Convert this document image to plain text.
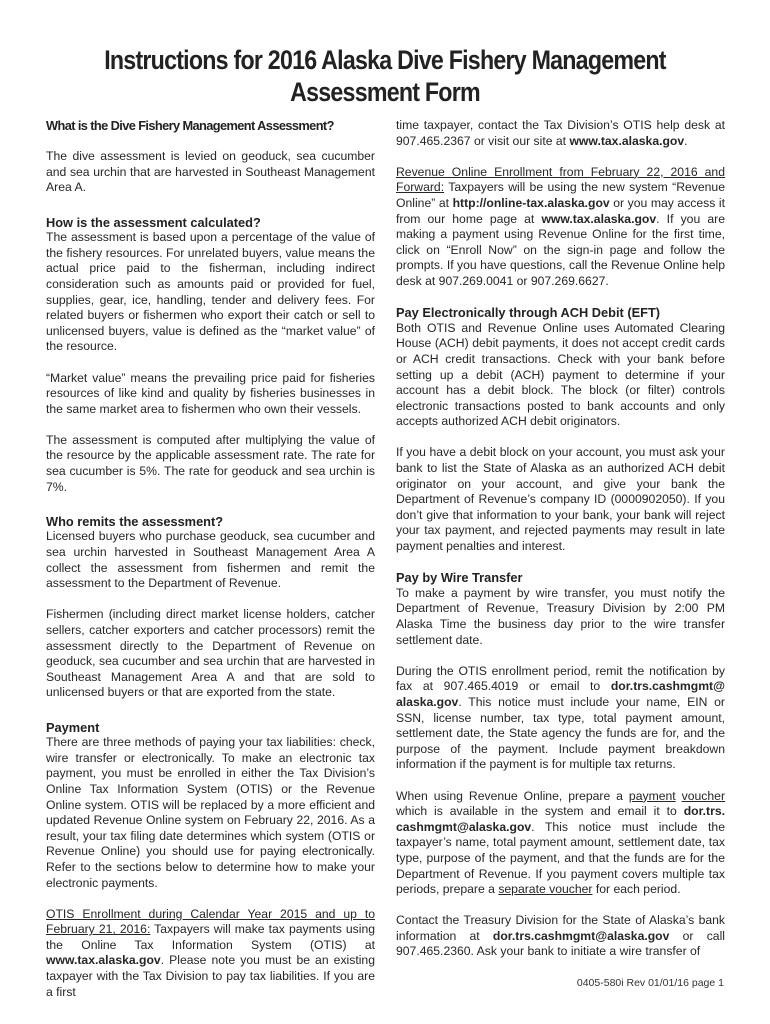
Instructions for 2016 Alaska Dive Fishery Management
Assessment Form
What is the Dive Fishery Management Assessment?

The dive assessment is levied on geoduck, sea cucumber and sea urchin that are harvested in Southeast Management Area A.

How is the assessment calculated?

The assessment is based upon a percentage of the value of the fishery resources. For unrelated buyers, value means the actual price paid to the fisherman, including indirect consideration such as amounts paid or provided for fuel, supplies, gear, ice, handling, tender and delivery fees. For related buyers or fishermen who export their catch or sell to unlicensed buyers, value is defined as the “market value” of the resource.

“Market value” means the prevailing price paid for fisheries resources of like kind and quality by fisheries businesses in the same market area to fishermen who own their vessels.

The assessment is computed after multiplying the value of the resource by the applicable assessment rate. The rate for sea cucumber is 5%. The rate for geoduck and sea urchin is 7%.

Who remits the assessment?

Licensed buyers who purchase geoduck, sea cucumber and sea urchin harvested in Southeast Management Area A collect the assessment from fishermen and remit the assessment to the Department of Revenue.

Fishermen (including direct market license holders, catcher sellers, catcher exporters and catcher processors) remit the assessment directly to the Department of Revenue on geoduck, sea cucumber and sea urchin that are harvested in Southeast Management Area A and that are sold to unlicensed buyers or that are exported from the state.

Payment

There are three methods of paying your tax liabilities: check, wire transfer or electronically. To make an electronic tax payment, you must be enrolled in either the Tax Division’s Online Tax Information System (OTIS) or the Revenue Online system. OTIS will be replaced by a more efficient and updated Revenue Online system on February 22, 2016. As a result, your tax filing date determines which system (OTIS or Revenue Online) you should use for paying electronically. Refer to the sections below to determine how to make your electronic payments.

OTIS Enrollment during Calendar Year 2015 and up to February 21, 2016: Taxpayers will make tax payments using the Online Tax Information System (OTIS) at www.tax.alaska.gov. Please note you must be an existing taxpayer with the Tax Division to pay tax liabilities. If you are a first

time taxpayer, contact the Tax Division’s OTIS help desk at 907.465.2367 or visit our site at www.tax.alaska.gov.

Revenue Online Enrollment from February 22, 2016 and Forward: Taxpayers will be using the new system “Revenue Online” at http://online-tax.alaska.gov or you may access it from our home page at www.tax.alaska.gov. If you are making a payment using Revenue Online for the first time, click on “Enroll Now” on the sign-in page and follow the prompts. If you have questions, call the Revenue Online help desk at 907.269.0041 or 907.269.6627.

Pay Electronically through ACH Debit (EFT)

Both OTIS and Revenue Online uses Automated Clearing House (ACH) debit payments, it does not accept credit cards or ACH credit transactions. Check with your bank before setting up a debit (ACH) payment to determine if your account has a debit block. The block (or filter) controls electronic transactions posted to bank accounts and only accepts authorized ACH debit originators.

If you have a debit block on your account, you must ask your bank to list the State of Alaska as an authorized ACH debit originator on your account, and give your bank the Department of Revenue’s company ID (0000902050). If you don’t give that information to your bank, your bank will reject your tax payment, and rejected payments may result in late payment penalties and interest.

Pay by Wire Transfer

To make a payment by wire transfer, you must notify the Department of Revenue, Treasury Division by 2:00 PM Alaska Time the business day prior to the wire transfer settlement date.

During the OTIS enrollment period, remit the notification by fax at 907.465.4019 or email to dor.trs.cashmgmt@ alaska.gov. This notice must include your name, EIN or SSN, license number, tax type, total payment amount, settlement date, the State agency the funds are for, and the purpose of the payment. Include payment breakdown information if the payment is for multiple tax returns.

When using Revenue Online, prepare a payment voucher which is available in the system and email it to dor.trs. cashmgmt@alaska.gov. This notice must include the taxpayer’s name, total payment amount, settlement date, tax type, purpose of the payment, and that the funds are for the Department of Revenue. If you payment covers multiple tax periods, prepare a separate voucher for each period.

Contact the Treasury Division for the State of Alaska’s bank information at dor.trs.cashmgmt@alaska.gov or call 907.465.2360. Ask your bank to initiate a wire transfer of

0405-580i Rev 01/01/16 page 1
